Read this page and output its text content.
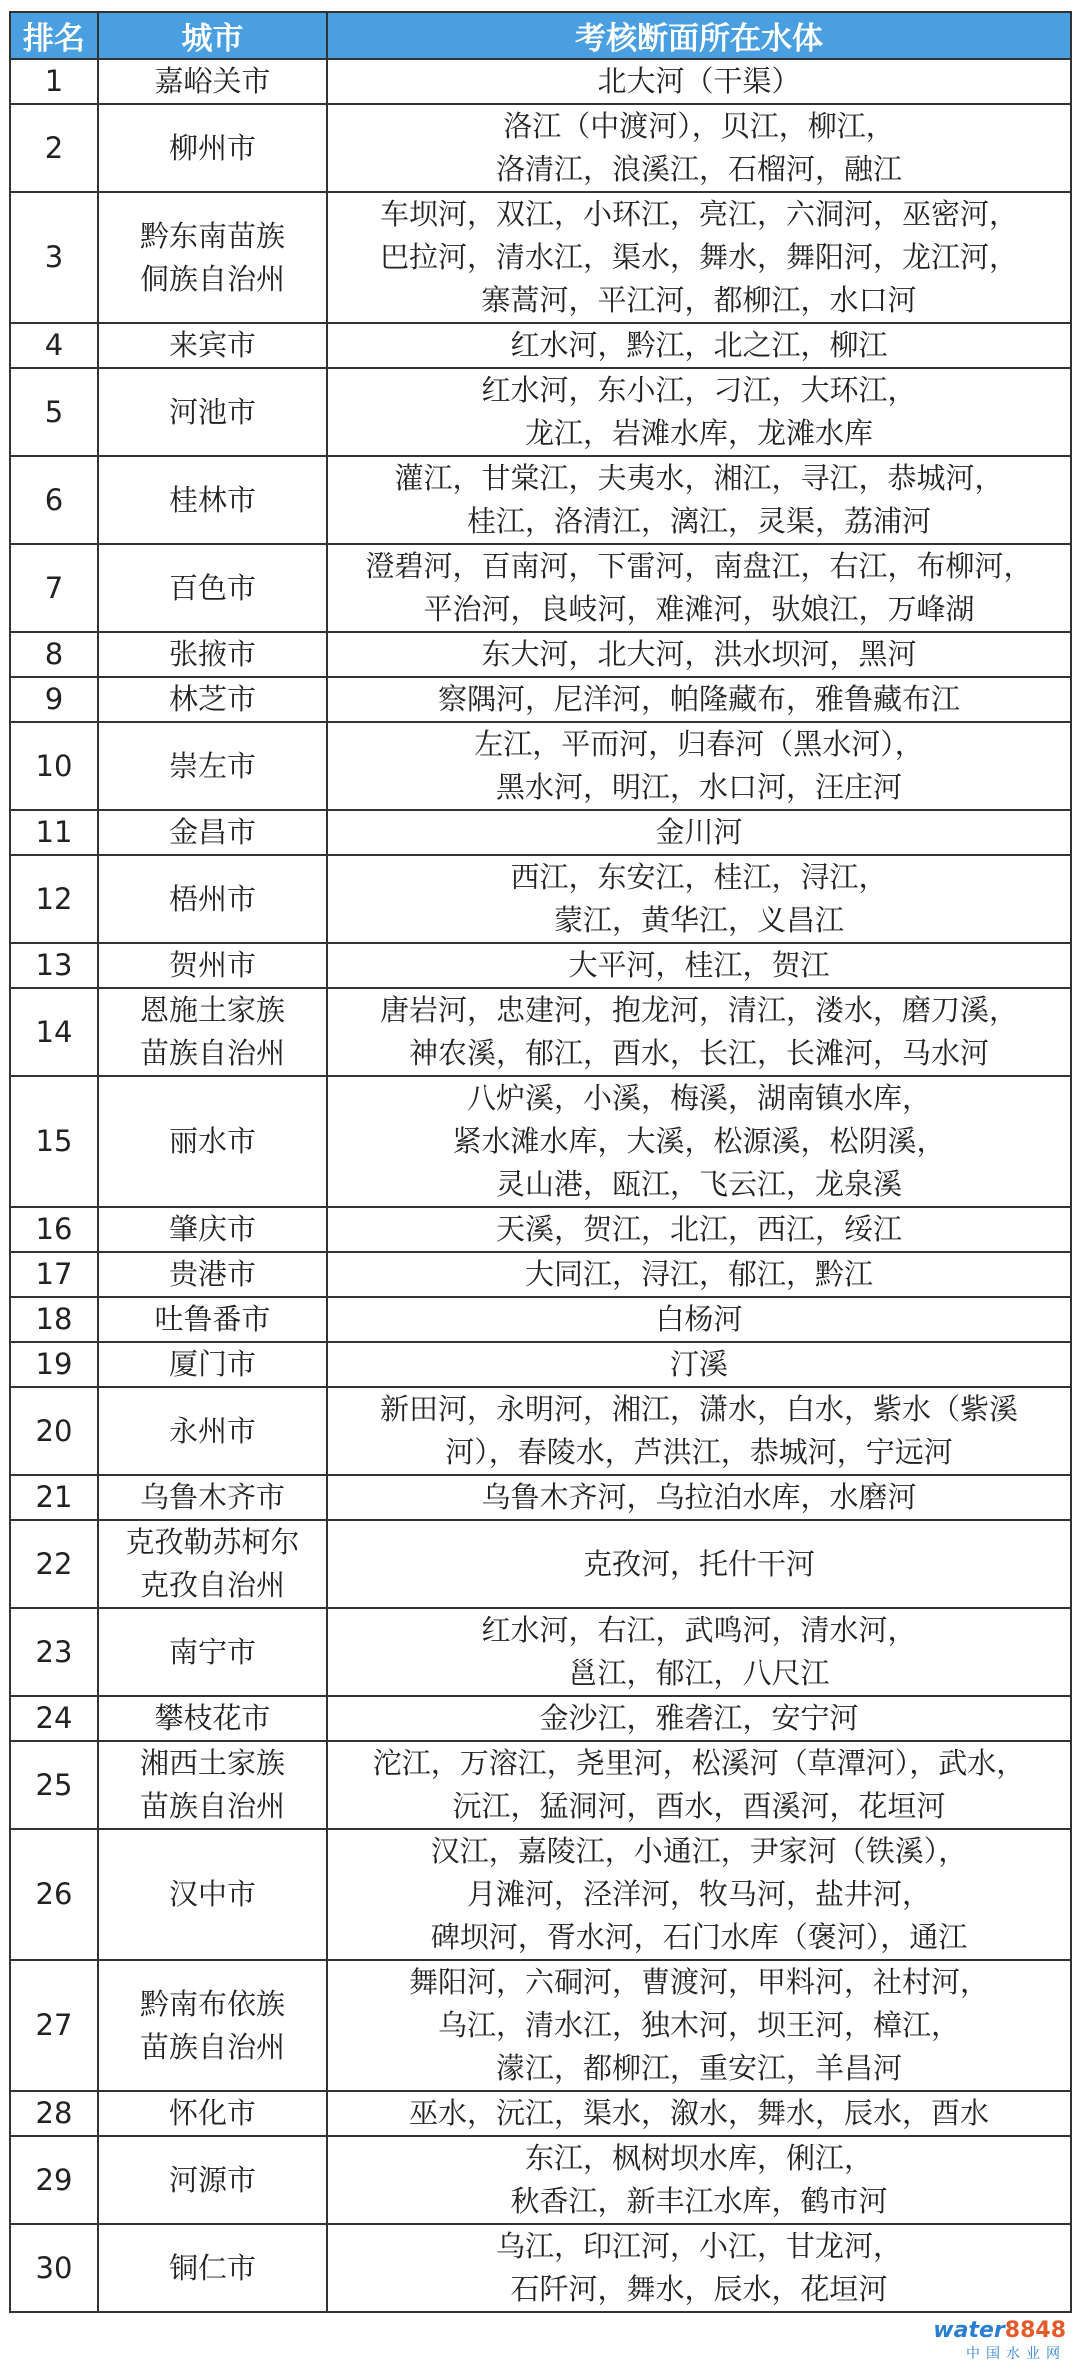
排名	城市	考核断面所在水体
1	嘉峪关市	北大河（干渠）

2	柳州市	洛江（中渡河），贝江，柳江，
洛清江，浪溪江，石榴河，融江

3	黔东南苗族
侗族自治州	车坝河，双江，小环江，亮江，六洞河，巫密河，
巴拉河，清水江，渠水，舞水，舞阳河，龙江河，
寨蒿河，平江河，都柳江，水口河

4	来宾市	红水河，黔江，北之江，柳江

5	河池市	红水河，东小江，刁江，大环江，
龙江，岩滩水库，龙滩水库

6	桂林市	灌江，甘棠江，夫夷水，湘江，寻江，恭城河，
桂江，洛清江，漓江，灵渠，荔浦河

7	百色市	澄碧河，百南河，下雷河，南盘江，右江，布柳河，
平治河，良岐河，难滩河，驮娘江，万峰湖

8	张掖市	东大河，北大河，洪水坝河，黑河

9	林芝市	察隅河，尼洋河，帕隆藏布，雅鲁藏布江

10	崇左市	左江，平而河，归春河（黑水河），
黑水河，明江，水口河，汪庄河

11	金昌市	金川河

12	梧州市	西江，东安江，桂江，浔江，
蒙江，黄华江，义昌江

13	贺州市	大平河，桂江，贺江

14	恩施土家族
苗族自治州	唐岩河，忠建河，抱龙河，清江，溇水，磨刀溪，
神农溪，郁江，酉水，长江，长滩河，马水河

15	丽水市	八炉溪，小溪，梅溪，湖南镇水库，
紧水滩水库，大溪，松源溪，松阴溪，
灵山港，瓯江，飞云江，龙泉溪

16	肇庆市	天溪，贺江，北江，西江，绥江

17	贵港市	大同江，浔江，郁江，黔江

18	吐鲁番市	白杨河

19	厦门市	汀溪

20	永州市	新田河，永明河，湘江，潇水，白水，紫水（紫溪
河），春陵水，芦洪江，恭城河，宁远河

21	乌鲁木齐市	乌鲁木齐河，乌拉泊水库，水磨河

22	克孜勒苏柯尔
克孜自治州	克孜河，托什干河

23	南宁市	红水河，右江，武鸣河，清水河，
邕江，郁江，八尺江

24	攀枝花市	金沙江，雅砻江，安宁河

25	湘西土家族
苗族自治州	沱江，万溶江，尧里河，松溪河（草潭河），武水，
沅江，猛洞河，酉水，酉溪河，花垣河

26	汉中市	汉江，嘉陵江，小通江，尹家河（铁溪），
月滩河，泾洋河，牧马河，盐井河，
碑坝河，胥水河，石门水库（褒河），通江

27	黔南布依族
苗族自治州	舞阳河，六硐河，曹渡河，甲料河，社村河，
乌江，清水江，独木河，坝王河，樟江，
濛江，都柳江，重安江，羊昌河

28	怀化市	巫水，沅江，渠水，溆水，舞水，辰水，酉水

29	河源市	东江，枫树坝水库，俐江，
秋香江，新丰江水库，鹤市河

30	铜仁市	乌江，印江河，小江，甘龙河，
石阡河，舞水，辰水，花垣河
water8848
中国水业网
